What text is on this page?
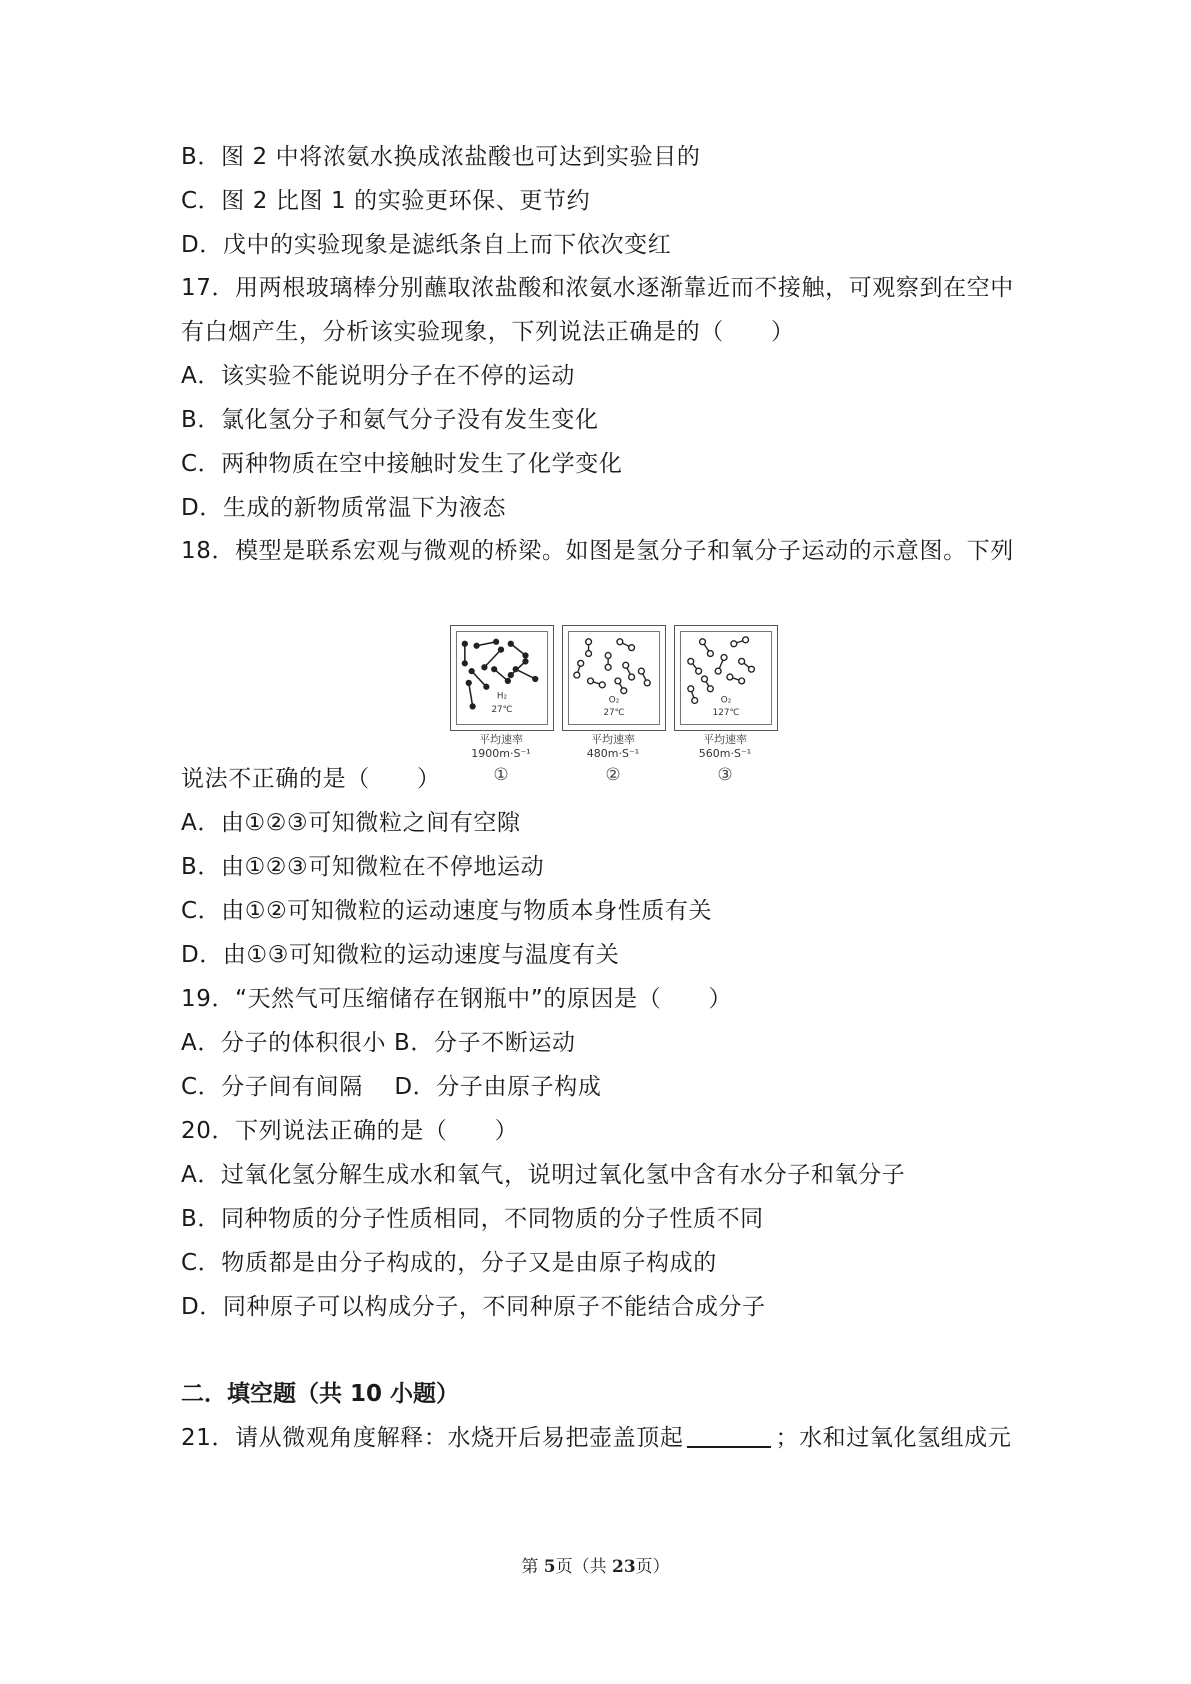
B．图 2 中将浓氨水换成浓盐酸也可达到实验目的
C．图 2 比图 1 的实验更环保、更节约
D．戊中的实验现象是滤纸条自上而下依次变红
17．用两根玻璃棒分别蘸取浓盐酸和浓氨水逐渐靠近而不接触，可观察到在空中
有白烟产生，分析该实验现象，下列说法正确是的（　　）
A．该实验不能说明分子在不停的运动
B．氯化氢分子和氨气分子没有发生变化
C．两种物质在空中接触时发生了化学变化
D．生成的新物质常温下为液态
18．模型是联系宏观与微观的桥梁。如图是氢分子和氧分子运动的示意图。下列
H₂
27℃
O₂
27℃
O₂
127℃
平均速率
1900m·S⁻¹
平均速率
480m·S⁻¹
平均速率
560m·S⁻¹
①	②	③
说法不正确的是（　　）
A．由①②③可知微粒之间有空隙
B．由①②③可知微粒在不停地运动
C．由①②可知微粒的运动速度与物质本身性质有关
D．由①③可知微粒的运动速度与温度有关
19．“天然气可压缩储存在钢瓶中”的原因是（　　）
A．分子的体积很小 B．分子不断运动
C．分子间有间隔　 D．分子由原子构成
20．下列说法正确的是（　　）
A．过氧化氢分解生成水和氧气，说明过氧化氢中含有水分子和氧分子
B．同种物质的分子性质相同，不同物质的分子性质不同
C．物质都是由分子构成的，分子又是由原子构成的
D．同种原子可以构成分子，不同种原子不能结合成分子
二．填空题（共 10 小题）
21．请从微观角度解释：水烧开后易把壶盖顶起	；水和过氧化氢组成元
第 5页（共 23页）
